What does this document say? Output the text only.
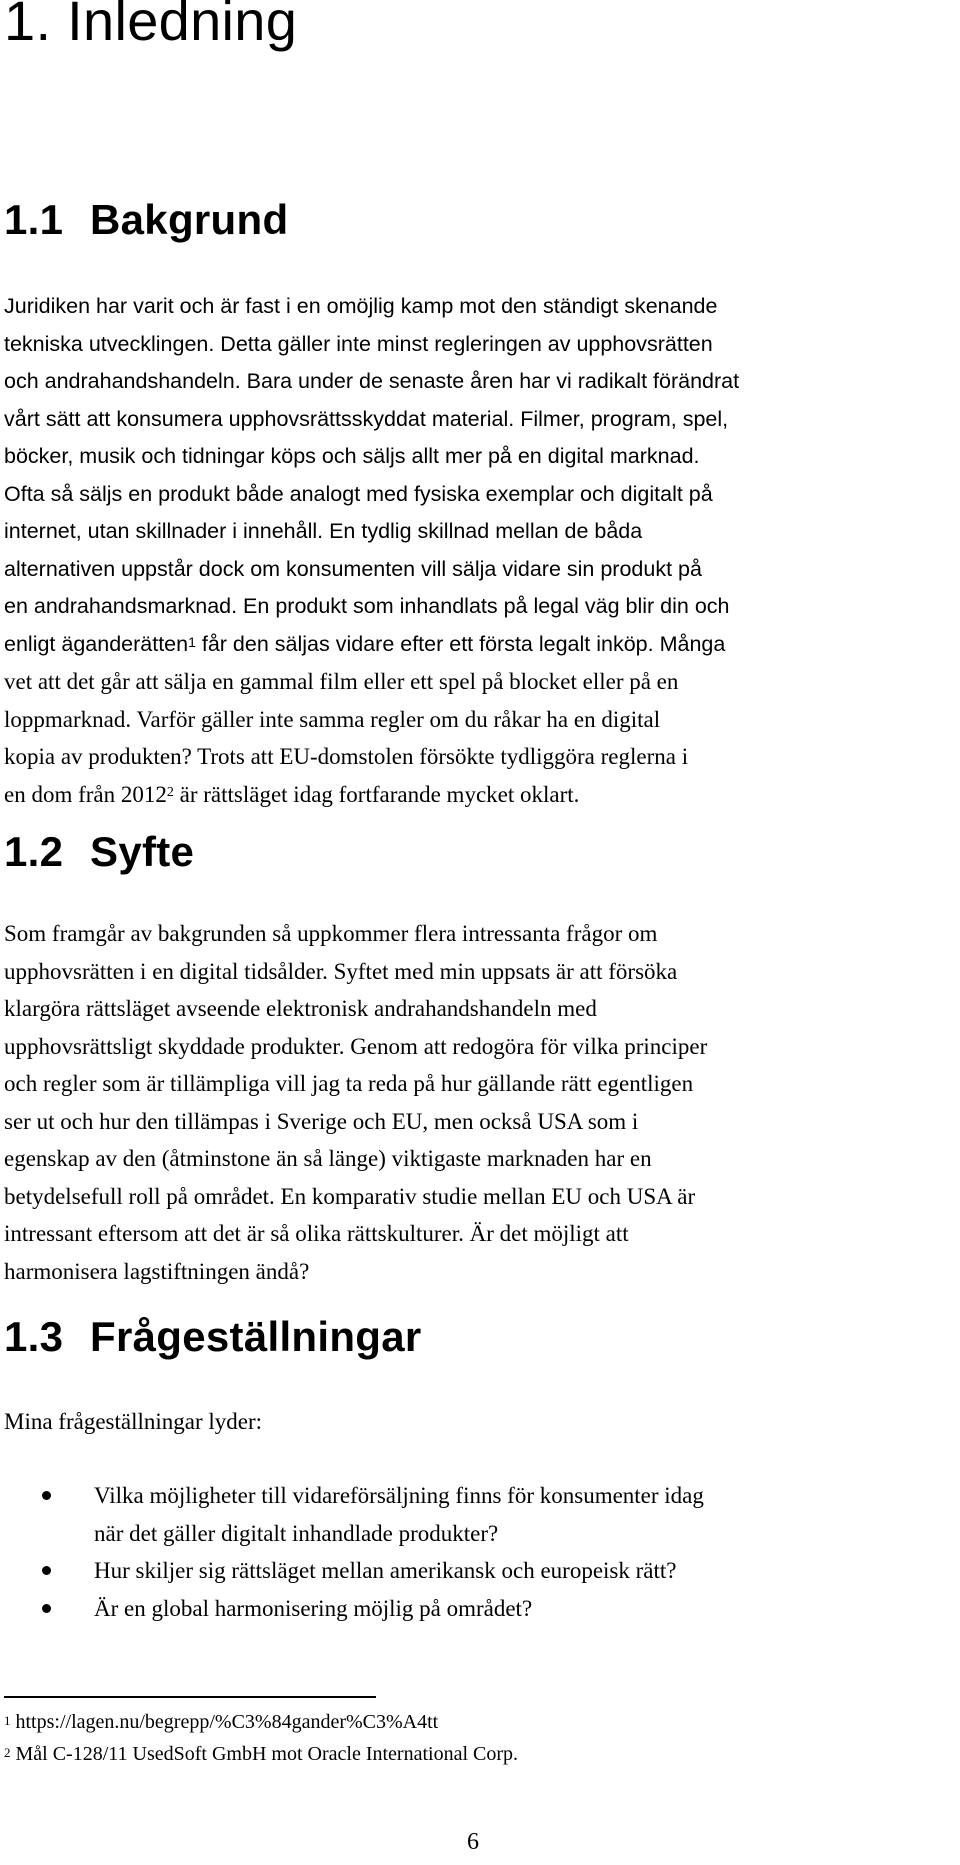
1. Inledning
1.1 Bakgrund
Juridiken har varit och är fast i en omöjlig kamp mot den ständigt skenande
tekniska utvecklingen. Detta gäller inte minst regleringen av upphovsrätten
och andrahandshandeln. Bara under de senaste åren har vi radikalt förändrat
vårt sätt att konsumera upphovsrättsskyddat material. Filmer, program, spel,
böcker, musik och tidningar köps och säljs allt mer på en digital marknad.
Ofta så säljs en produkt både analogt med fysiska exemplar och digitalt på
internet, utan skillnader i innehåll. En tydlig skillnad mellan de båda
alternativen uppstår dock om konsumenten vill sälja vidare sin produkt på
en andrahandsmarknad. En produkt som inhandlats på legal väg blir din och
enligt äganderätten$^1$ får den säljas vidare efter ett första legalt inköp. Många
vet att det går att sälja en gammal film eller ett spel på blocket eller på en
loppmarknad. Varför gäller inte samma regler om du råkar ha en digital
kopia av produkten? Trots att EU-domstolen försökte tydliggöra reglerna i
en dom från 2012$^2$ är rättsläget idag fortfarande mycket oklart.
1.2 Syfte
Som framgår av bakgrunden så uppkommer flera intressanta frågor om
upphovsrätten i en digital tidsålder. Syftet med min uppsats är att försöka
klargöra rättsläget avseende elektronisk andrahandshandeln med
upphovsrättsligt skyddade produkter. Genom att redogöra för vilka principer
och regler som är tillämpliga vill jag ta reda på hur gällande rätt egentligen
ser ut och hur den tillämpas i Sverige och EU, men också USA som i
egenskap av den (åtminstone än så länge) viktigaste marknaden har en
betydelsefull roll på området. En komparativ studie mellan EU och USA är
intressant eftersom att det är så olika rättskulturer. Är det möjligt att
harmonisera lagstiftningen ändå?
1.3 Frågeställningar
Mina frågeställningar lyder:
Vilka möjligheter till vidareförsäljning finns för konsumenter idag
när det gäller digitalt inhandlade produkter?
Hur skiljer sig rättsläget mellan amerikansk och europeisk rätt?
Är en global harmonisering möjlig på området?
$^1$ https://lagen.nu/begrepp/%C3%84gander%C3%A4tt
$^2$ Mål C-128/11 UsedSoft GmbH mot Oracle International Corp.
6
